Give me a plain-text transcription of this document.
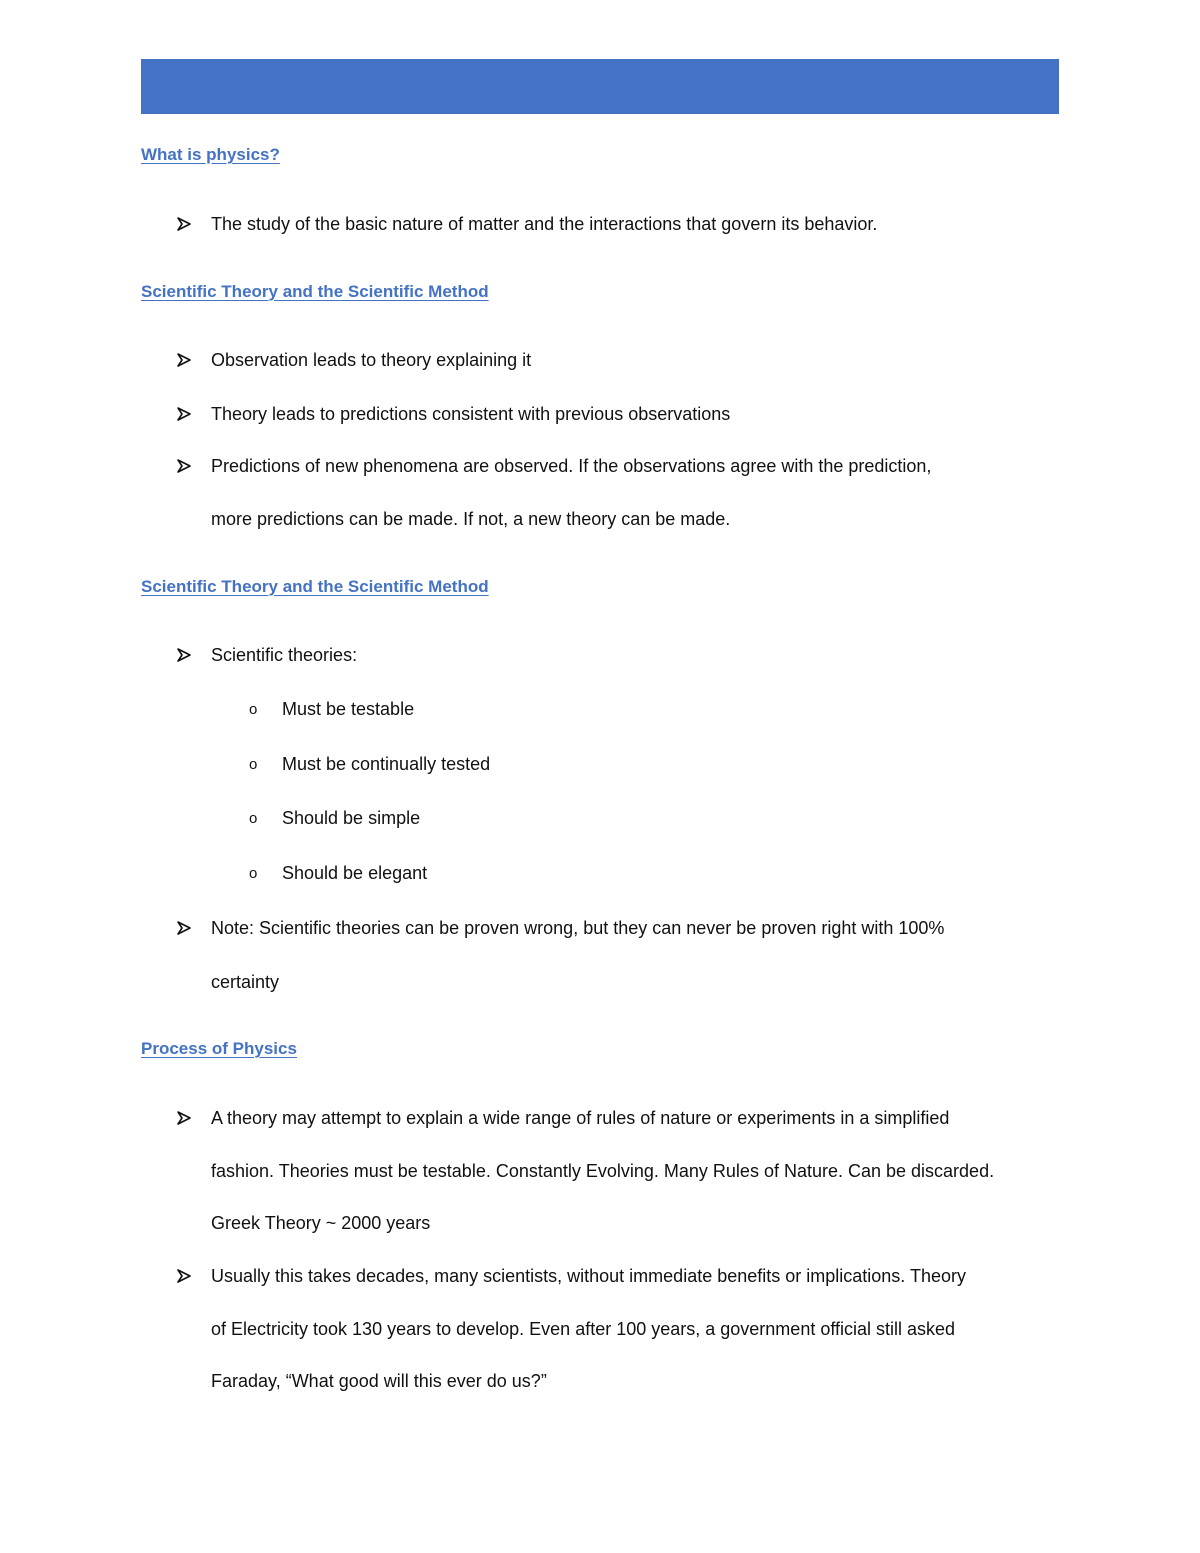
What is physics?
The study of the basic nature of matter and the interactions that govern its behavior.
Scientific Theory and the Scientific Method
Observation leads to theory explaining it
Theory leads to predictions consistent with previous observations
Predictions of new phenomena are observed. If the observations agree with the prediction,
more predictions can be made. If not, a new theory can be made.
Scientific Theory and the Scientific Method
Scientific theories:
o Must be testable
o Must be continually tested
o Should be simple
o Should be elegant
Note: Scientific theories can be proven wrong, but they can never be proven right with 100%
certainty
Process of Physics
A theory may attempt to explain a wide range of rules of nature or experiments in a simplified
fashion. Theories must be testable. Constantly Evolving. Many Rules of Nature. Can be discarded.
Greek Theory ~ 2000 years
Usually this takes decades, many scientists, without immediate benefits or implications. Theory
of Electricity took 130 years to develop. Even after 100 years, a government official still asked
Faraday, “What good will this ever do us?”
